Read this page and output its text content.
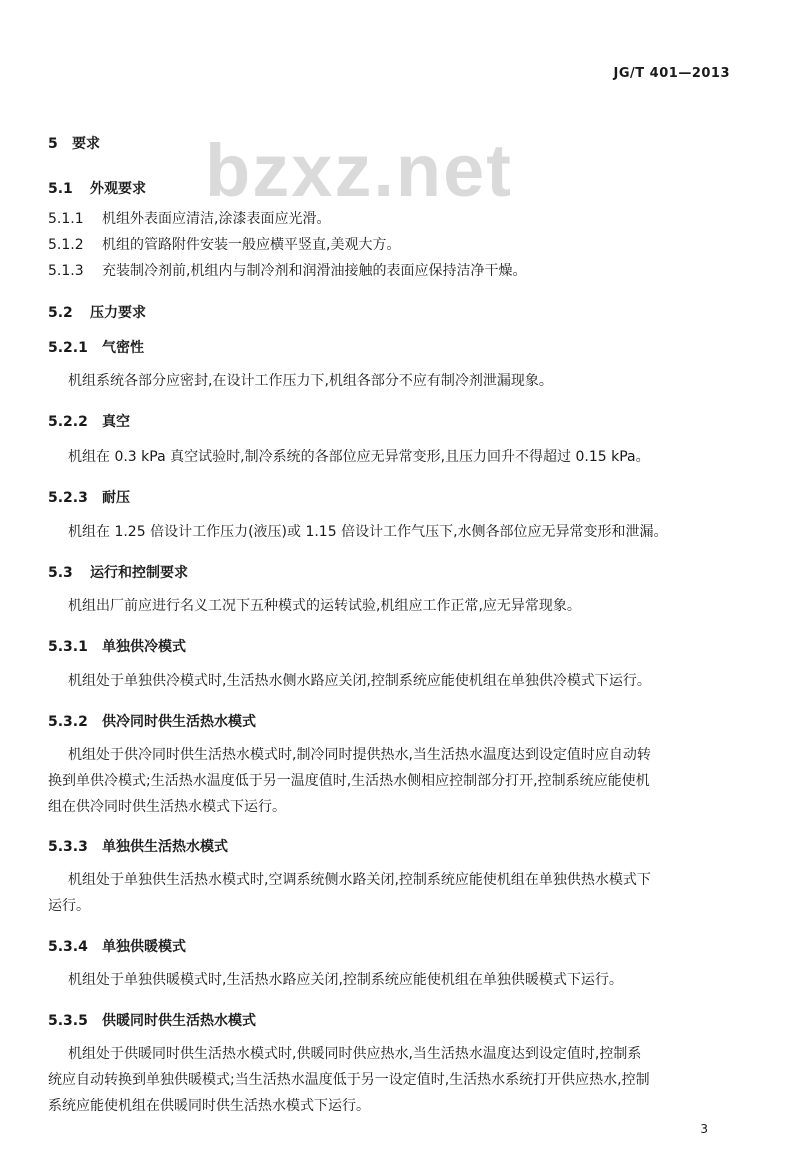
JG/T 401—2013
bzxz.net
5 要求
5.1 外观要求
5.1.1 机组外表面应清洁,涂漆表面应光滑。
5.1.2 机组的管路附件安装一般应横平竖直,美观大方。
5.1.3 充装制冷剂前,机组内与制冷剂和润滑油接触的表面应保持洁净干燥。
5.2 压力要求
5.2.1 气密性
机组系统各部分应密封,在设计工作压力下,机组各部分不应有制冷剂泄漏现象。
5.2.2 真空
机组在 0.3 kPa 真空试验时,制冷系统的各部位应无异常变形,且压力回升不得超过 0.15 kPa。
5.2.3 耐压
机组在 1.25 倍设计工作压力(液压)或 1.15 倍设计工作气压下,水侧各部位应无异常变形和泄漏。
5.3 运行和控制要求
机组出厂前应进行名义工况下五种模式的运转试验,机组应工作正常,应无异常现象。
5.3.1 单独供冷模式
机组处于单独供冷模式时,生活热水侧水路应关闭,控制系统应能使机组在单独供冷模式下运行。
5.3.2 供冷同时供生活热水模式
机组处于供冷同时供生活热水模式时,制冷同时提供热水,当生活热水温度达到设定值时应自动转
换到单供冷模式;生活热水温度低于另一温度值时,生活热水侧相应控制部分打开,控制系统应能使机
组在供冷同时供生活热水模式下运行。
5.3.3 单独供生活热水模式
机组处于单独供生活热水模式时,空调系统侧水路关闭,控制系统应能使机组在单独供热水模式下
运行。
5.3.4 单独供暖模式
机组处于单独供暖模式时,生活热水路应关闭,控制系统应能使机组在单独供暖模式下运行。
5.3.5 供暖同时供生活热水模式
机组处于供暖同时供生活热水模式时,供暖同时供应热水,当生活热水温度达到设定值时,控制系
统应自动转换到单独供暖模式;当生活热水温度低于另一设定值时,生活热水系统打开供应热水,控制
系统应能使机组在供暖同时供生活热水模式下运行。
3
